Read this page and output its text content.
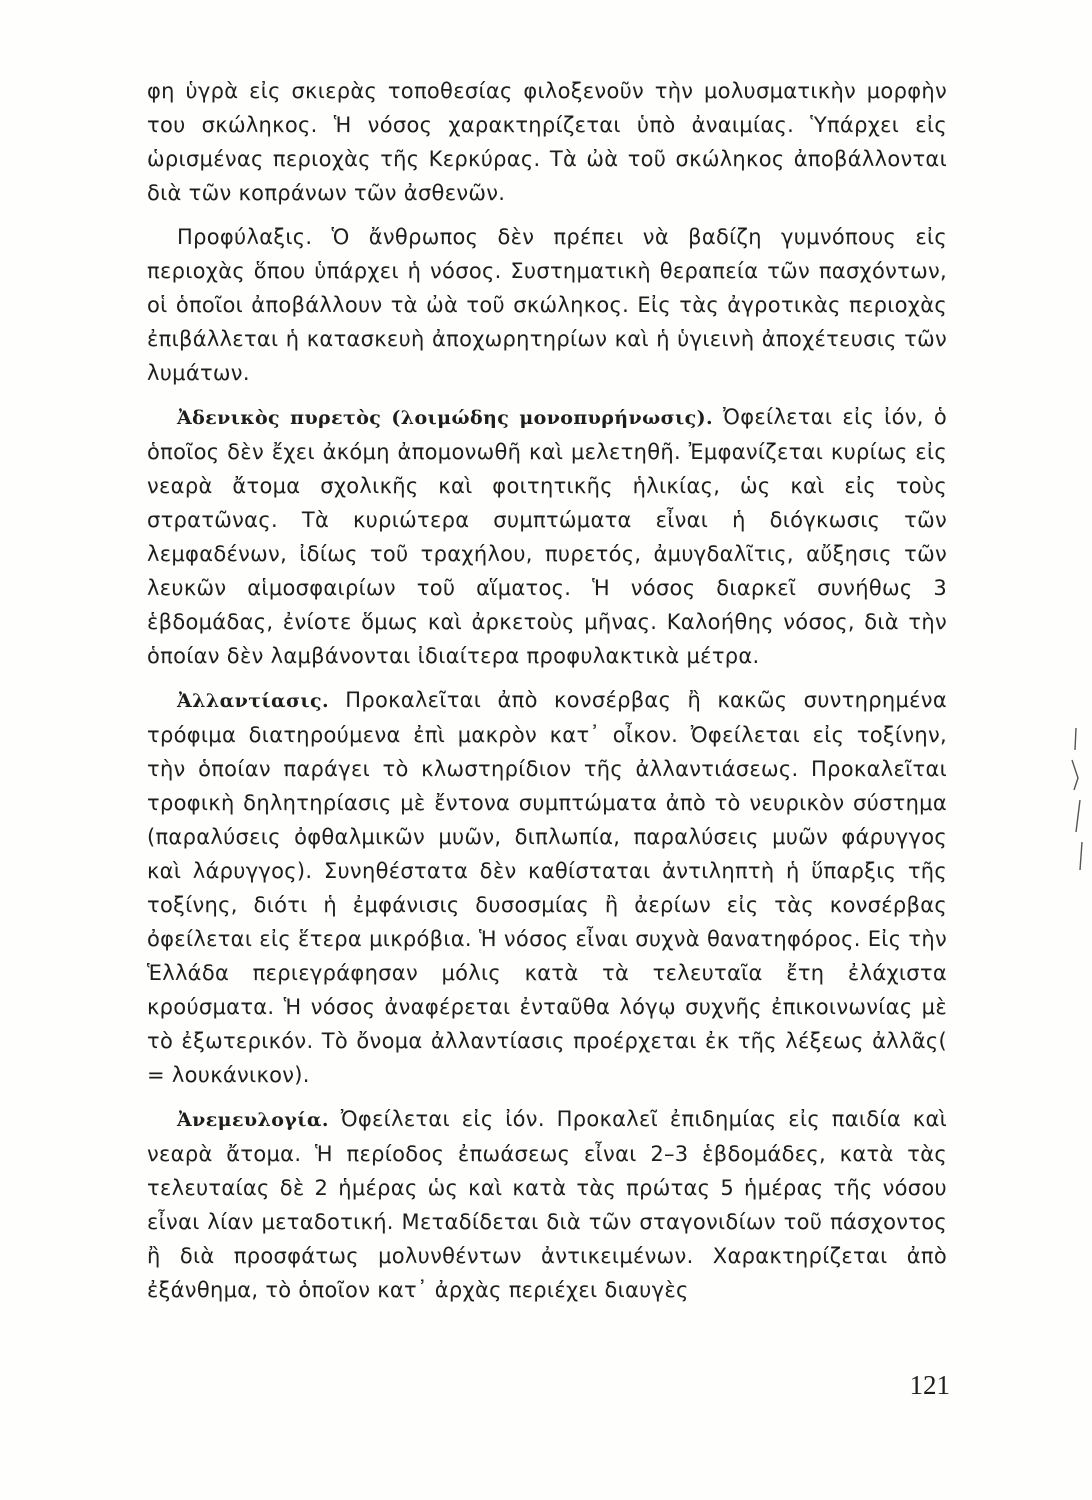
φη ὑγρὰ εἰς σκιερὰς τοποθεσίας φιλοξενοῦν τὴν μολυσματικὴν μορφὴν του σκώληκος. Ἡ νόσος χαρακτηρίζεται ὑπὸ ἀναιμίας. Ὑπάρχει εἰς ὡρισμένας περιοχὰς τῆς Κερκύρας. Τὰ ὠὰ τοῦ σκώληκος ἀποβάλλονται διὰ τῶν κοπράνων τῶν ἀσθενῶν.

Προφύλαξις. Ὁ ἄνθρωπος δὲν πρέπει νὰ βαδίζη γυμνόπους εἰς περιοχὰς ὅπου ὑπάρχει ἡ νόσος. Συστηματικὴ θεραπεία τῶν πασχόντων, οἱ ὁποῖοι ἀποβάλλουν τὰ ὠὰ τοῦ σκώληκος. Εἰς τὰς ἀγροτικὰς περιοχὰς ἐπιβάλλεται ἡ κατασκευὴ ἀποχωρητηρίων καὶ ἡ ὑγιεινὴ ἀποχέτευσις τῶν λυμάτων.

Ἀδενικὸς πυρετὸς (λοιμώδης μονοπυρήνωσις). Ὀφείλεται εἰς ἰόν, ὁ ὁποῖος δὲν ἔχει ἀκόμη ἀπομονωθῆ καὶ μελετηθῆ. Ἐμφανίζεται κυρίως εἰς νεαρὰ ἄτομα σχολικῆς καὶ φοιτητικῆς ἡλικίας, ὡς καὶ εἰς τοὺς στρατῶνας. Τὰ κυριώτερα συμπτώματα εἶναι ἡ διόγκωσις τῶν λεμφαδένων, ἰδίως τοῦ τραχήλου, πυρετός, ἀμυγδαλῖτις, αὔξησις τῶν λευκῶν αἱμοσφαιρίων τοῦ αἵματος. Ἡ νόσος διαρκεῖ συνήθως 3 ἑβδομάδας, ἐνίοτε ὅμως καὶ ἀρκετοὺς μῆνας. Καλοήθης νόσος, διὰ τὴν ὁποίαν δὲν λαμβάνονται ἰδιαίτερα προφυλακτικὰ μέτρα.

Ἀλλαντίασις. Προκαλεῖται ἀπὸ κονσέρβας ἢ κακῶς συντηρημένα τρόφιμα διατηρούμενα ἐπὶ μακρὸν κατ᾽ οἶκον. Ὀφείλεται εἰς τοξίνην, τὴν ὁποίαν παράγει τὸ κλωστηρίδιον τῆς ἀλλαντιάσεως. Προκαλεῖται τροφικὴ δηλητηρίασις μὲ ἔντονα συμπτώματα ἀπὸ τὸ νευρικὸν σύστημα (παραλύσεις ὀφθαλμικῶν μυῶν, διπλωπία, παραλύσεις μυῶν φάρυγγος καὶ λάρυγγος). Συνηθέστατα δὲν καθίσταται ἀντιληπτὴ ἡ ὕπαρξις τῆς τοξίνης, διότι ἡ ἐμφάνισις δυσοσμίας ἢ ἀερίων εἰς τὰς κονσέρβας ὀφείλεται εἰς ἕτερα μικρόβια. Ἡ νόσος εἶναι συχνὰ θανατηφόρος. Εἰς τὴν Ἑλλάδα περιεγράφησαν μόλις κατὰ τὰ τελευταῖα ἔτη ἐλάχιστα κρούσματα. Ἡ νόσος ἀναφέρεται ἐνταῦθα λόγῳ συχνῆς ἐπικοινωνίας μὲ τὸ ἐξωτερικόν. Τὸ ὄνομα ἀλλαντίασις προέρχεται ἐκ τῆς λέξεως ἀλλᾶς( = λουκάνικον).

Ἀνεμευλογία. Ὀφείλεται εἰς ἰόν. Προκαλεῖ ἐπιδημίας εἰς παιδία καὶ νεαρὰ ἄτομα. Ἡ περίοδος ἐπωάσεως εἶναι 2–3 ἑβδομάδες, κατὰ τὰς τελευταίας δὲ 2 ἡμέρας ὡς καὶ κατὰ τὰς πρώτας 5 ἡμέρας τῆς νόσου εἶναι λίαν μεταδοτική. Μεταδίδεται διὰ τῶν σταγονιδίων τοῦ πάσχοντος ἢ διὰ προσφάτως μολυνθέντων ἀντικειμένων. Χαρακτηρίζεται ἀπὸ ἐξάνθημα, τὸ ὁποῖον κατ᾽ ἀρχὰς περιέχει διαυγὲς

121
